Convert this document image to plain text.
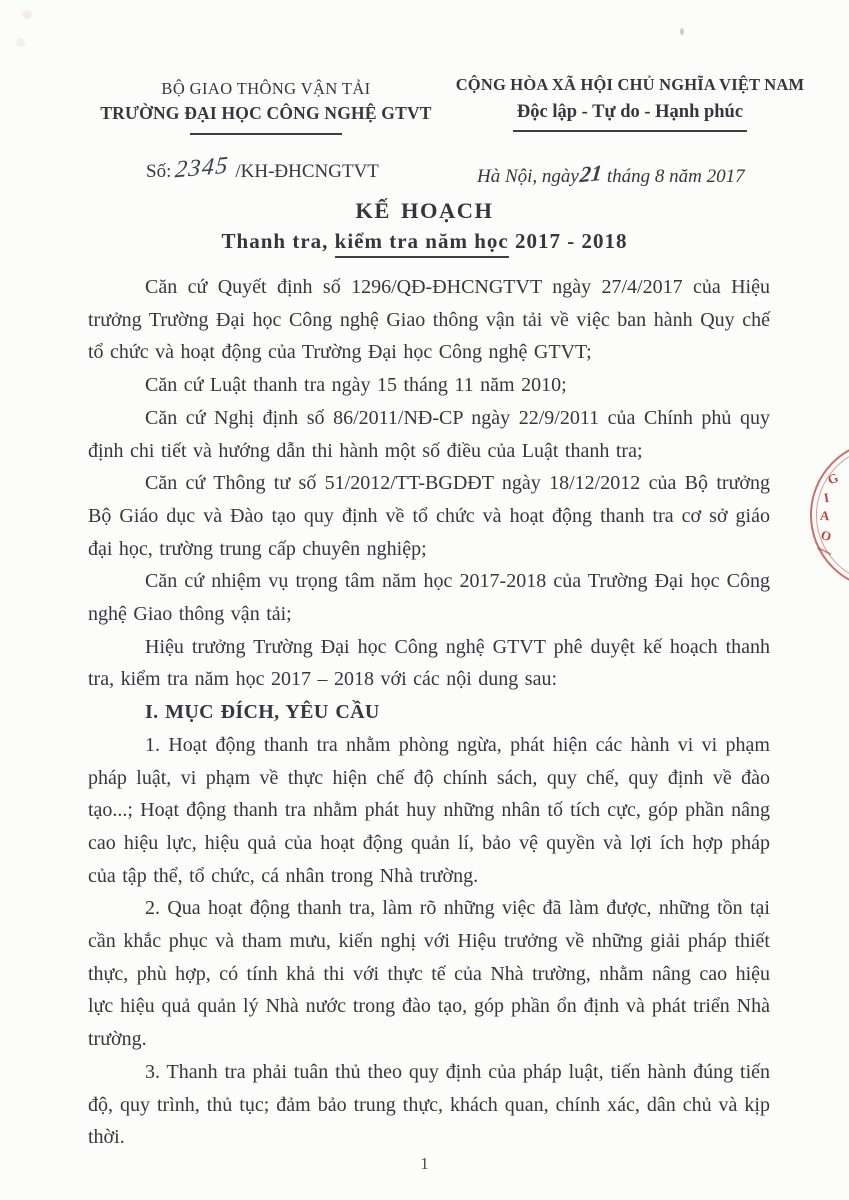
BỘ GIAO THÔNG VẬN TẢI
TRƯỜNG ĐẠI HỌC CÔNG NGHỆ GTVT
CỘNG HÒA XÃ HỘI CHỦ NGHĨA VIỆT NAM
Độc lập - Tự do - Hạnh phúc
Số: 2345 /KH-ĐHCNGTVT	Hà Nội, ngày21 tháng 8 năm 2017
KẾ HOẠCH
Thanh tra, kiểm tra năm học 2017 - 2018

Căn cứ Quyết định số 1296/QĐ-ĐHCNGTVT ngày 27/4/2017 của Hiệu trưởng Trường Đại học Công nghệ Giao thông vận tải về việc ban hành Quy chế tổ chức và hoạt động của Trường Đại học Công nghệ GTVT;

Căn cứ Luật thanh tra ngày 15 tháng 11 năm 2010;

Căn cứ Nghị định số 86/2011/NĐ-CP ngày 22/9/2011 của Chính phủ quy định chi tiết và hướng dẫn thi hành một số điều của Luật thanh tra;

Căn cứ Thông tư số 51/2012/TT-BGDĐT ngày 18/12/2012 của Bộ trưởng Bộ Giáo dục và Đào tạo quy định về tổ chức và hoạt động thanh tra cơ sở giáo đại học, trường trung cấp chuyên nghiệp;

Căn cứ nhiệm vụ trọng tâm năm học 2017-2018 của Trường Đại học Công nghệ Giao thông vận tải;

Hiệu trưởng Trường Đại học Công nghệ GTVT phê duyệt kế hoạch thanh tra, kiểm tra năm học 2017 – 2018 với các nội dung sau:

I. MỤC ĐÍCH, YÊU CẦU

1. Hoạt động thanh tra nhằm phòng ngừa, phát hiện các hành vi vi phạm pháp luật, vi phạm về thực hiện chế độ chính sách, quy chế, quy định về đào tạo...; Hoạt động thanh tra nhằm phát huy những nhân tố tích cực, góp phần nâng cao hiệu lực, hiệu quả của hoạt động quản lí, bảo vệ quyền và lợi ích hợp pháp của tập thể, tổ chức, cá nhân trong Nhà trường.

2. Qua hoạt động thanh tra, làm rõ những việc đã làm được, những tồn tại cần khắc phục và tham mưu, kiến nghị với Hiệu trưởng về những giải pháp thiết thực, phù hợp, có tính khả thi với thực tế của Nhà trường, nhằm nâng cao hiệu lực hiệu quả quản lý Nhà nước trong đào tạo, góp phần ổn định và phát triển Nhà trường.

3. Thanh tra phải tuân thủ theo quy định của pháp luật, tiến hành đúng tiến độ, quy trình, thủ tục; đảm bảo trung thực, khách quan, chính xác, dân chủ và kịp thời.

G
I
A
O
1
